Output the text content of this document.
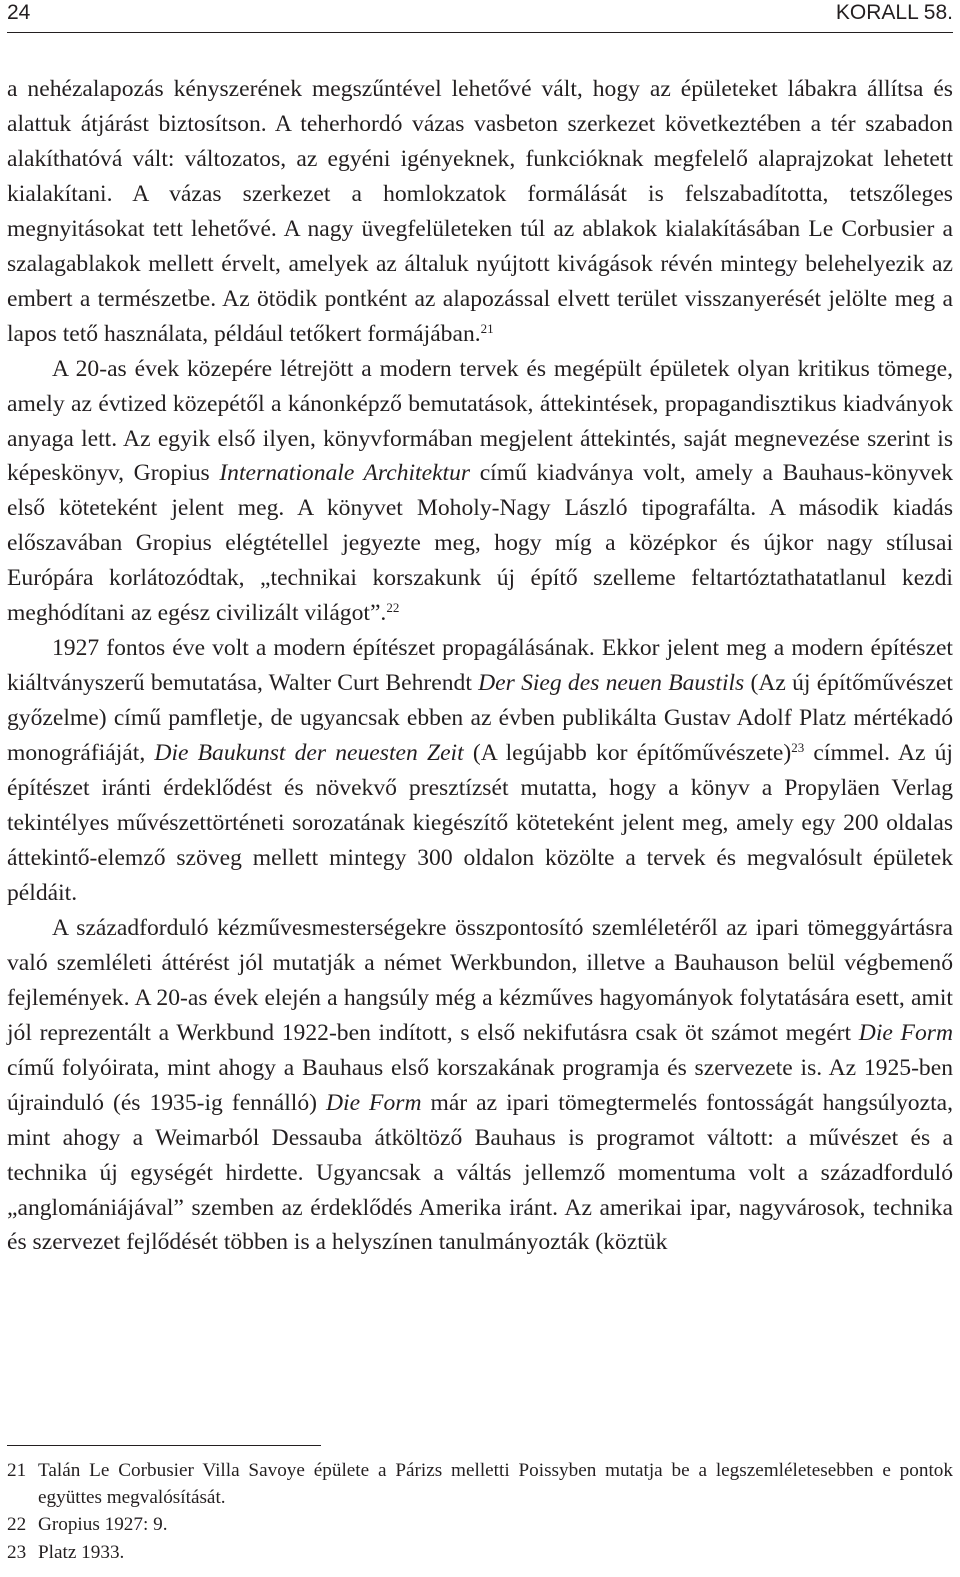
24	KORALL 58.

a nehézalapozás kényszerének megszűntével lehetővé vált, hogy az épületeket lábakra állítsa és alattuk átjárást biztosítson. A teherhordó vázas vasbeton szerkezet következtében a tér szabadon alakíthatóvá vált: változatos, az egyéni igényeknek, funkcióknak megfelelő alaprajzokat lehetett kialakítani. A vázas szerkezet a homlokzatok formálását is felszabadította, tetszőleges megnyitásokat tett lehetővé. A nagy üvegfelületeken túl az ablakok kialakításában Le Corbusier a szalagablakok mellett érvelt, amelyek az általuk nyújtott kivágások révén mintegy belehelyezik az embert a természetbe. Az ötödik pontként az alapozással elvett terület visszanyerését jelölte meg a lapos tető használata, például tetőkert formájában.$^{21}$

A 20-as évek közepére létrejött a modern tervek és megépült épületek olyan kritikus tömege, amely az évtized közepétől a kánonképző bemutatások, áttekintések, propagandisztikus kiadványok anyaga lett. Az egyik első ilyen, könyvformában megjelent áttekintés, saját megnevezése szerint is képeskönyv, Gropius Internationale Architektur című kiadványa volt, amely a Bauhaus-könyvek első köteteként jelent meg. A könyvet Moholy-Nagy László tipografálta. A második kiadás előszavában Gropius elégtétellel jegyezte meg, hogy míg a középkor és újkor nagy stílusai Európára korlátozódtak, „technikai korszakunk új építő szelleme feltartóztathatatlanul kezdi meghódítani az egész civilizált világot”.$^{22}$

1927 fontos éve volt a modern építészet propagálásának. Ekkor jelent meg a modern építészet kiáltványszerű bemutatása, Walter Curt Behrendt Der Sieg des neuen Baustils (Az új építőművészet győzelme) című pamfletje, de ugyancsak ebben az évben publikálta Gustav Adolf Platz mértékadó monográfiáját, Die Baukunst der neuesten Zeit (A legújabb kor építőművészete)$^{23}$ címmel. Az új építészet iránti érdeklődést és növekvő presztízsét mutatta, hogy a könyv a Propyläen Verlag tekintélyes művészettörténeti sorozatának kiegészítő köteteként jelent meg, amely egy 200 oldalas áttekintő-elemző szöveg mellett mintegy 300 oldalon közölte a tervek és megvalósult épületek példáit.

A századforduló kézművesmesterségekre összpontosító szemléletéről az ipari tömeggyártásra való szemléleti áttérést jól mutatják a német Werkbundon, illetve a Bauhauson belül végbemenő fejlemények. A 20-as évek elején a hangsúly még a kézműves hagyományok folytatására esett, amit jól reprezentált a Werkbund 1922-ben indított, s első nekifutásra csak öt számot megért Die Form című folyóirata, mint ahogy a Bauhaus első korszakának programja és szervezete is. Az 1925-ben újrainduló (és 1935-ig fennálló) Die Form már az ipari tömegtermelés fontosságát hangsúlyozta, mint ahogy a Weimarból Dessauba átköltöző Bauhaus is programot váltott: a művészet és a technika új egységét hirdette. Ugyancsak a váltás jellemző momentuma volt a századforduló „anglomániájával” szemben az érdeklődés Amerika iránt. Az amerikai ipar, nagyvárosok, technika és szervezet fejlődését többen is a helyszínen tanulmányozták (köztük

21 Talán Le Corbusier Villa Savoye épülete a Párizs melletti Poissyben mutatja be a legszemléletesebben e pontok együttes megvalósítását.
22 Gropius 1927: 9.
23 Platz 1933.
